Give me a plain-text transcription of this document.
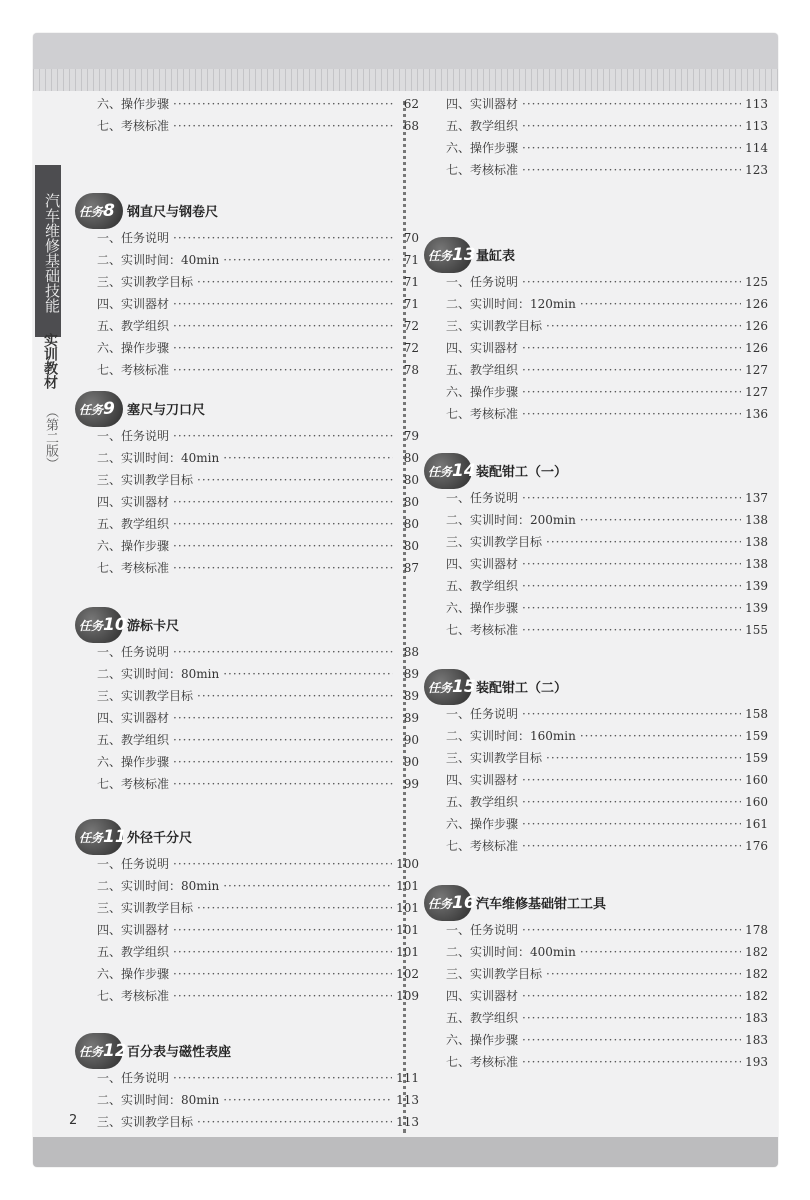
汽车维修基础技能
实训教材
（第二版）
六、操作步骤 ·····	62
七、考核标准 ·····	68
任务8 钢直尺与钢卷尺
一、任务说明 ·····	70
二、实训时间：40min ·····	71
三、实训教学目标 ·····	71
四、实训器材 ·····	71
五、教学组织 ·····	72
六、操作步骤 ·····	72
七、考核标准 ·····	78
任务9 塞尺与刀口尺
一、任务说明 ·····	79
二、实训时间：40min ·····	80
三、实训教学目标 ·····	80
四、实训器材 ·····	80
五、教学组织 ·····	80
六、操作步骤 ·····	80
七、考核标准 ·····	87
任务10 游标卡尺
一、任务说明 ·····	88
二、实训时间：80min ·····	89
三、实训教学目标 ·····	89
四、实训器材 ·····	89
五、教学组织 ·····	90
六、操作步骤 ·····	90
七、考核标准 ·····	99
任务11 外径千分尺
一、任务说明 ·····	100
二、实训时间：80min ·····	101
三、实训教学目标 ·····	101
四、实训器材 ·····	101
五、教学组织 ·····	101
六、操作步骤 ·····	102
七、考核标准 ·····	109
任务12 百分表与磁性表座
一、任务说明 ·····	111
二、实训时间：80min ·····	113
三、实训教学目标 ·····	113
四、实训器材 ·····	113
五、教学组织 ·····	113
六、操作步骤 ·····	114
七、考核标准 ·····	123
任务13 量缸表
一、任务说明 ·····	125
二、实训时间：120min ·····	126
三、实训教学目标 ·····	126
四、实训器材 ·····	126
五、教学组织 ·····	127
六、操作步骤 ·····	127
七、考核标准 ·····	136
任务14 装配钳工（一）
一、任务说明 ·····	137
二、实训时间：200min ·····	138
三、实训教学目标 ·····	138
四、实训器材 ·····	138
五、教学组织 ·····	139
六、操作步骤 ·····	139
七、考核标准 ·····	155
任务15 装配钳工（二）
一、任务说明 ·····	158
二、实训时间：160min ·····	159
三、实训教学目标 ·····	159
四、实训器材 ·····	160
五、教学组织 ·····	160
六、操作步骤 ·····	161
七、考核标准 ·····	176
任务16 汽车维修基础钳工工具
一、任务说明 ·····	178
二、实训时间：400min ·····	182
三、实训教学目标 ·····	182
四、实训器材 ·····	182
五、教学组织 ·····	183
六、操作步骤 ·····	183
七、考核标准 ·····	193
2
